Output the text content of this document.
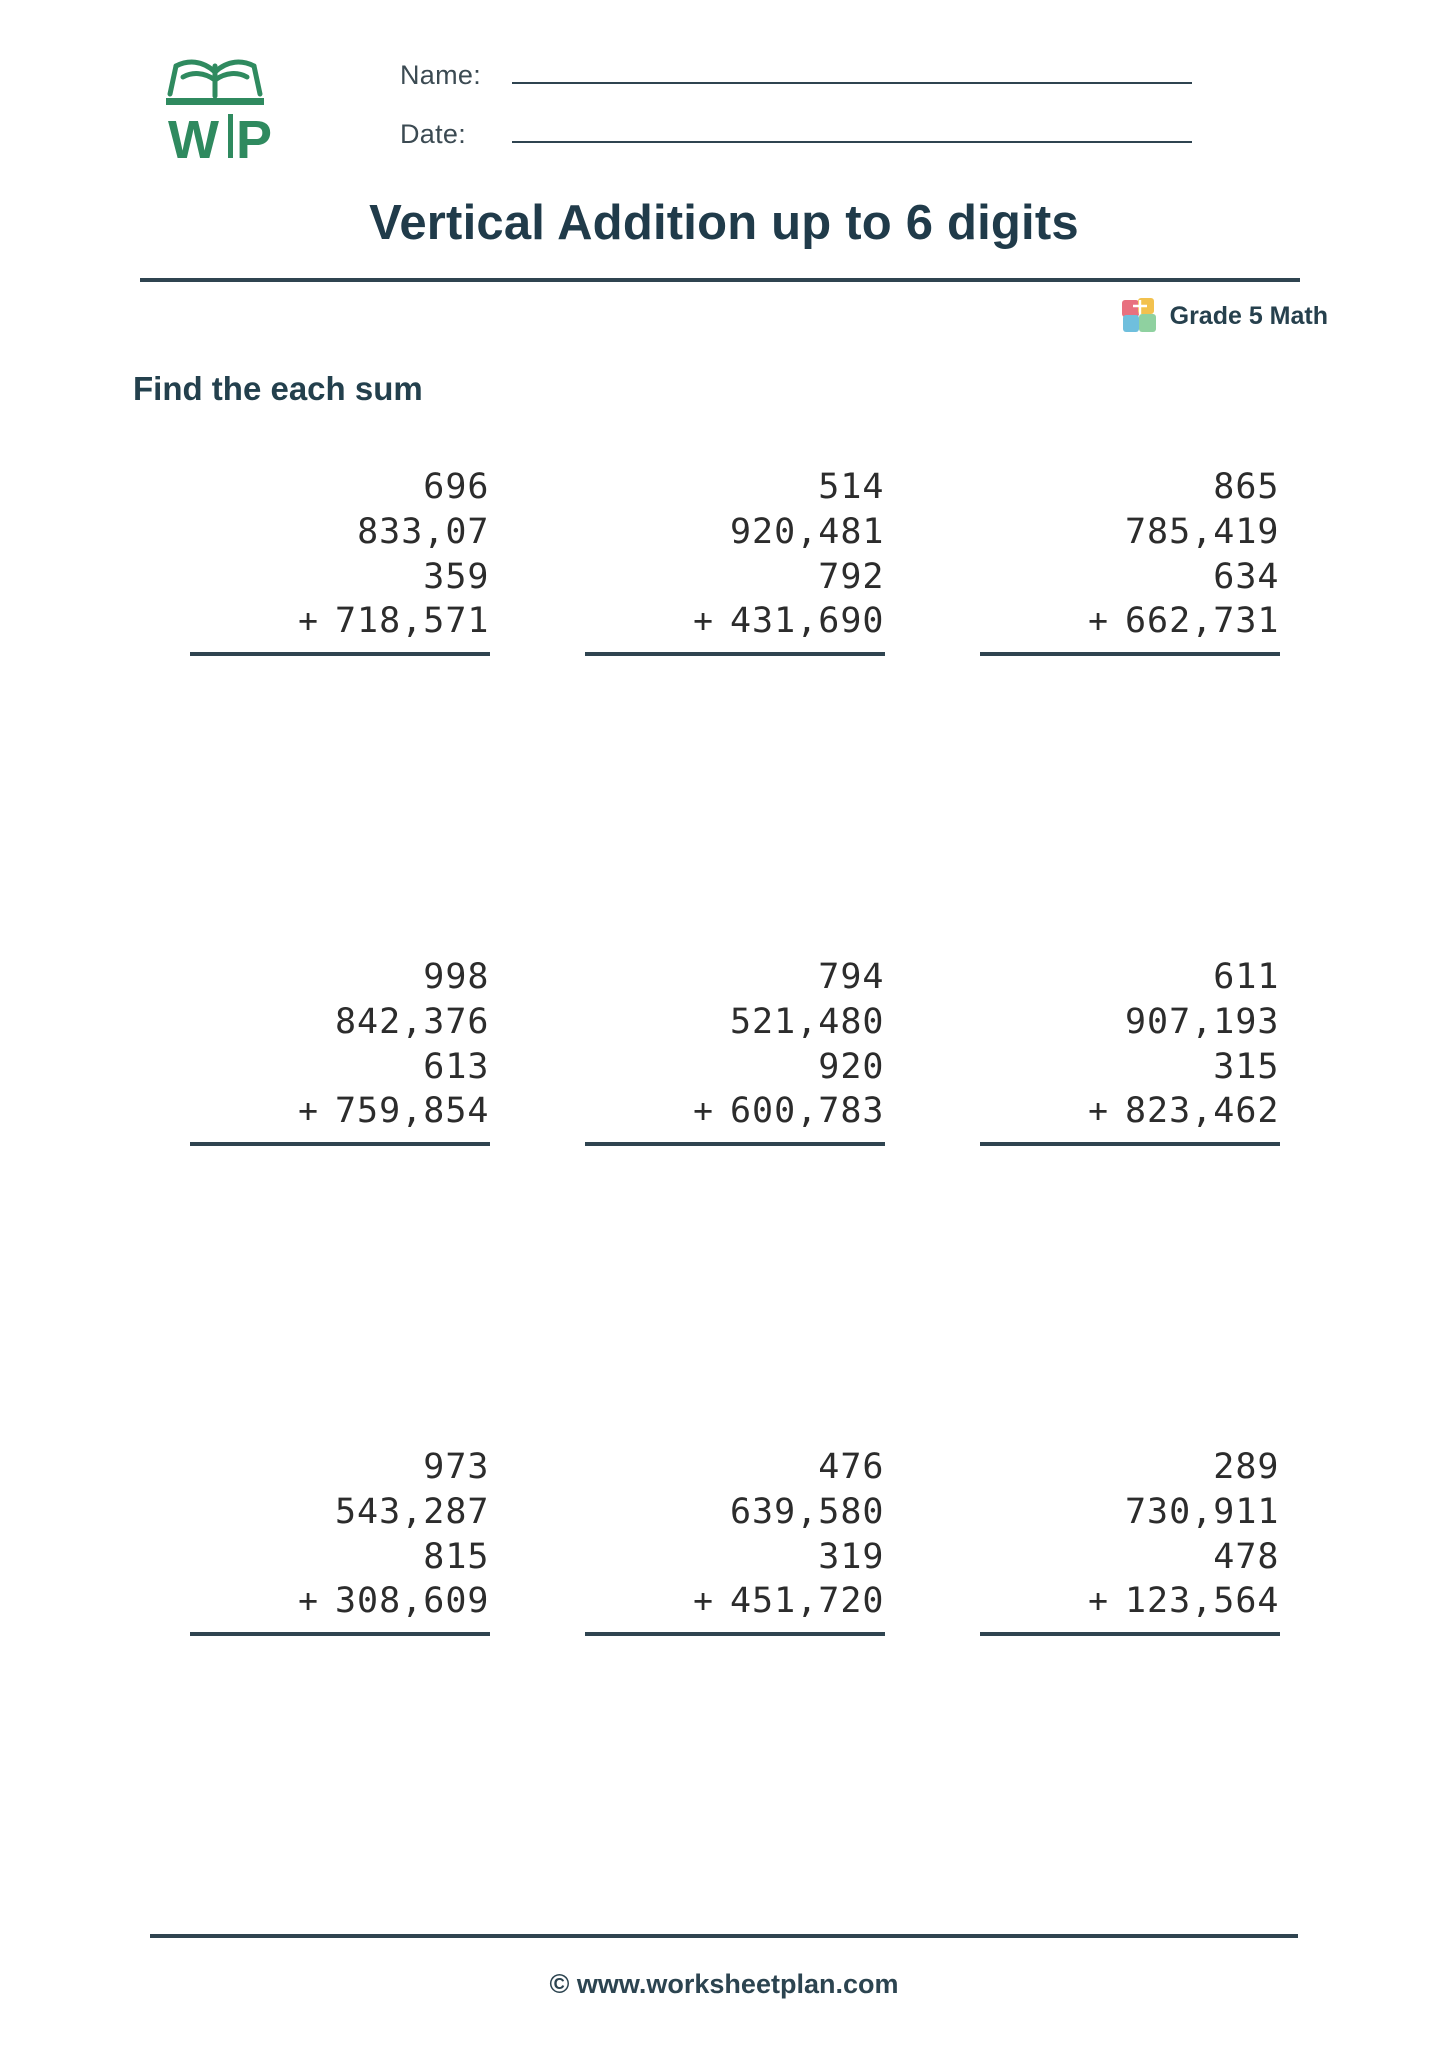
W P
Name:
Date:
Vertical Addition up to 6 digits
Grade 5 Math
Find the each sum
696
833,07
359
+ 718,571
514
920,481
792
+ 431,690
865
785,419
634
+ 662,731
998
842,376
613
+ 759,854
794
521,480
920
+ 600,783
611
907,193
315
+ 823,462
973
543,287
815
+ 308,609
476
639,580
319
+ 451,720
289
730,911
478
+ 123,564
© www.worksheetplan.com
